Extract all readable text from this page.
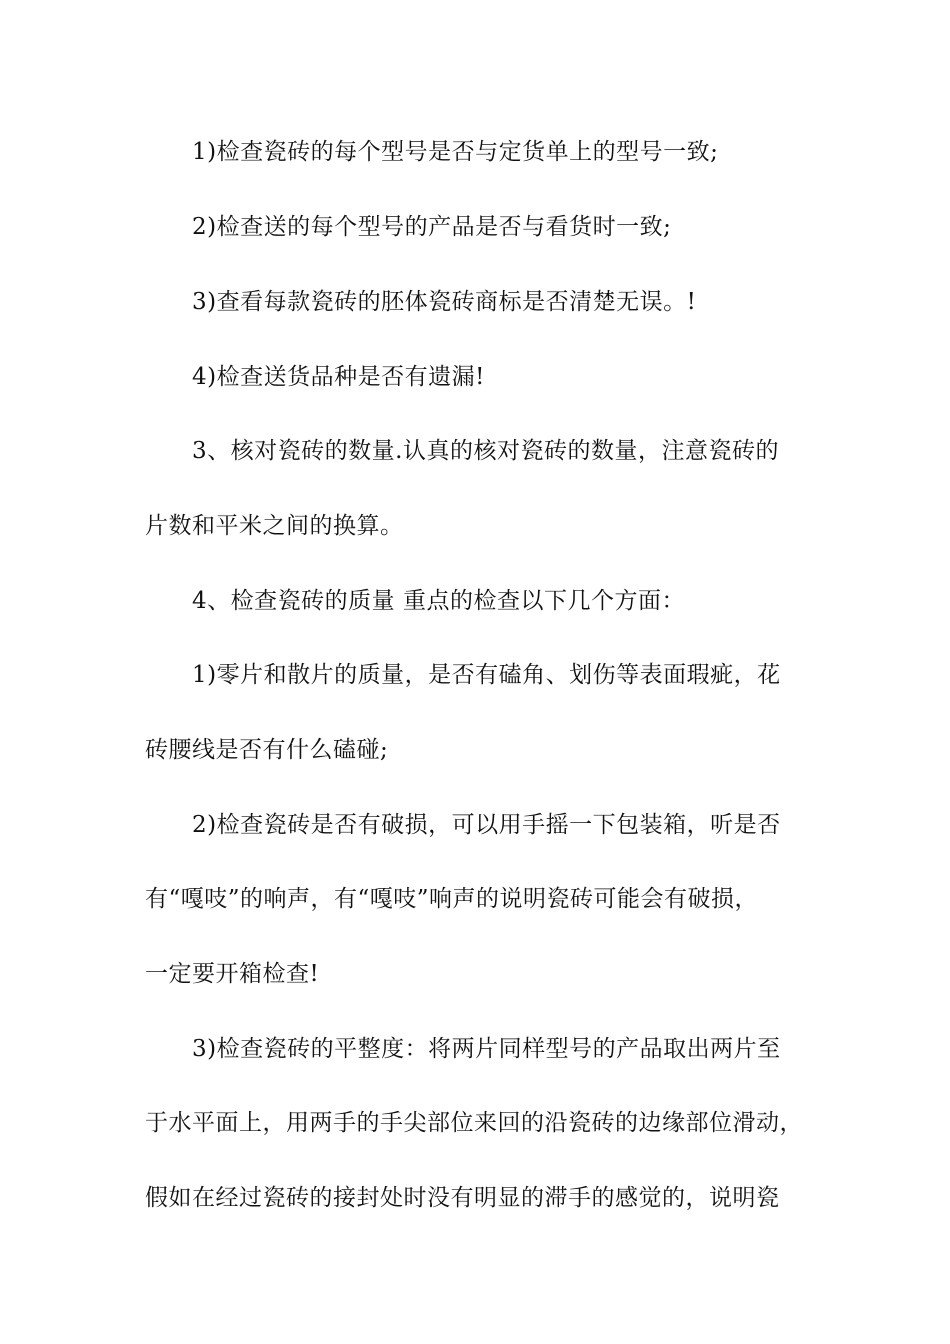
1)检查瓷砖的每个型号是否与定货单上的型号一致;

2)检查送的每个型号的产品是否与看货时一致;

3)查看每款瓷砖的胚体瓷砖商标是否清楚无误。!

4)检查送货品种是否有遗漏!

3、核对瓷砖的数量.认真的核对瓷砖的数量，注意瓷砖的

片数和平米之间的换算。

4、检查瓷砖的质量 重点的检查以下几个方面：

1)零片和散片的质量，是否有磕角、划伤等表面瑕疵，花

砖腰线是否有什么磕碰;

2)检查瓷砖是否有破损，可以用手摇一下包装箱，听是否

有“嘎吱”的响声，有“嘎吱”响声的说明瓷砖可能会有破损，

一定要开箱检查!

3)检查瓷砖的平整度：将两片同样型号的产品取出两片至

于水平面上，用两手的手尖部位来回的沿瓷砖的边缘部位滑动，

假如在经过瓷砖的接封处时没有明显的滞手的感觉的，说明瓷
